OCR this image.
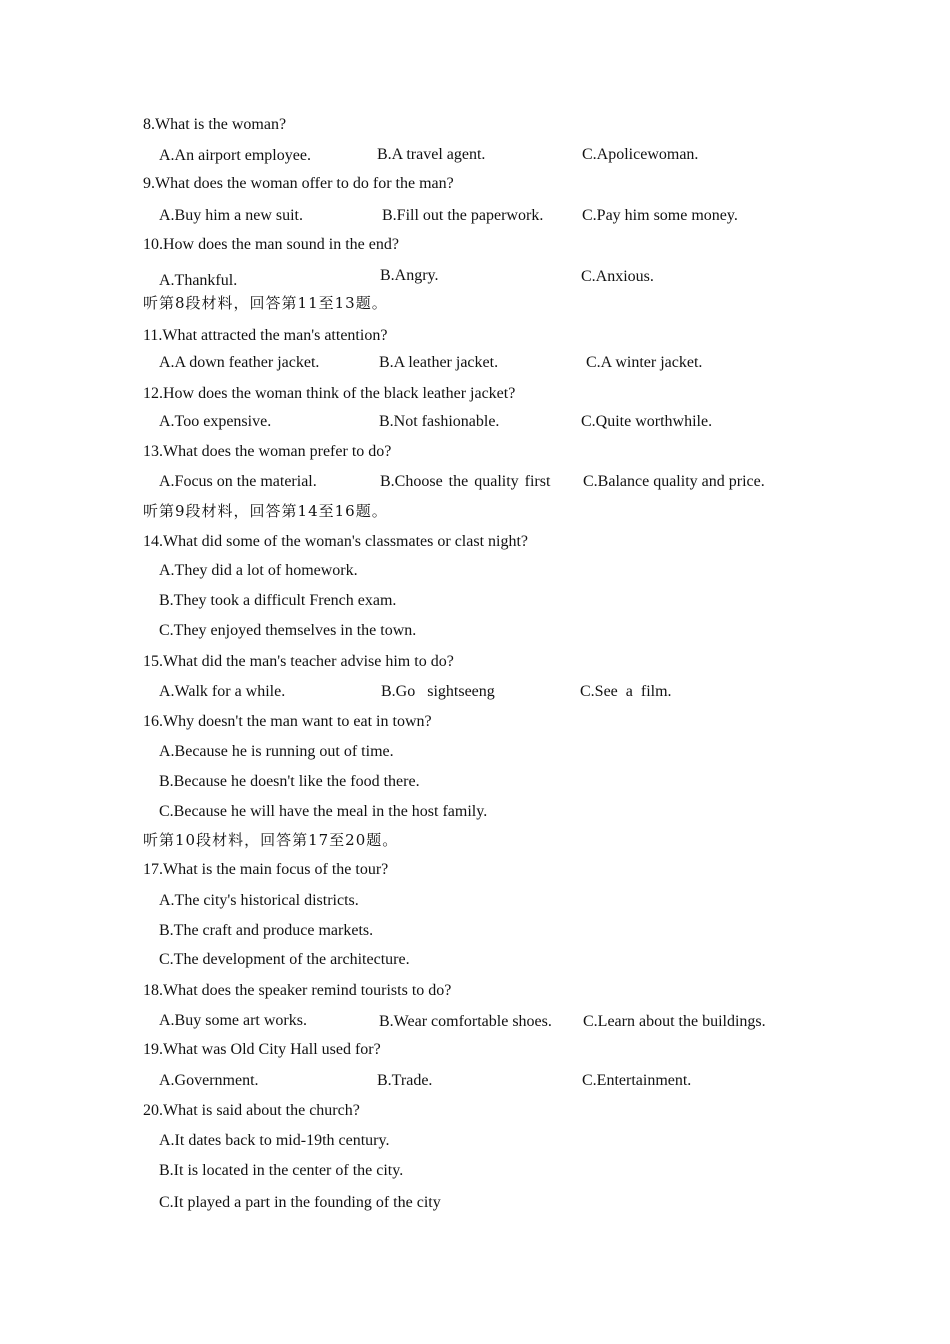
8.What is the woman?
A.An airport employee.	B.A travel agent.	C.Apolicewoman.
9.What does the woman offer to do for the man?
A.Buy him a new suit.	B.Fill out the paperwork. C.Pay him some money.
10.How does the man sound in the end?
A.Thankful.	B.Angry.	C.Anxious.
听第8段材料，回答第11至13题。
11.What attracted the man's attention?
A.A down feather jacket.	B.A leather jacket.	C.A winter jacket.
12.How does the woman think of the black leather jacket?
A.Too expensive.	B.Not fashionable.	C.Quite worthwhile.
13.What does the woman prefer to do?
A.Focus on the material.	B.Choose the quality first C.Balance quality and price.
听第9段材料，回答第14至16题。
14.What did some of the woman's classmates or clast night?
A.They did a lot of homework.
B.They took a difficult French exam.
C.They enjoyed themselves in the town.
15.What did the man's teacher advise him to do?
A.Walk for a while.	B.Go   sightseeng	C.See  a  film.
16.Why doesn't the man want to eat in town?
A.Because he is running out of time.
B.Because he doesn't like the food there.
C.Because he will have the meal in the host family.
听第10段材料，回答第17至20题。
17.What is the main focus of the tour?
A.The city's historical districts.
B.The craft and produce markets.
C.The development of the architecture.
18.What does the speaker remind tourists to do?
A.Buy some art works.	B.Wear comfortable shoes. C.Learn about the buildings.
19.What was Old City Hall used for?
A.Government.	B.Trade.	C.Entertainment.
20.What is said about the church?
A.It dates back to mid-19th century.
B.It is located in the center of the city.
C.It played a part in the founding of the city
